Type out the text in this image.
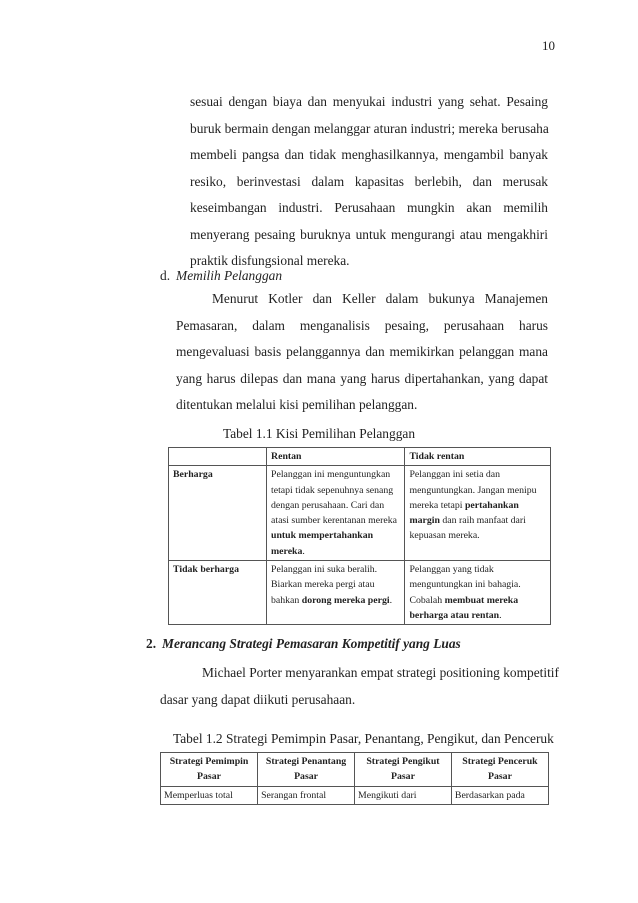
10
sesuai dengan biaya dan menyukai industri yang sehat. Pesaing
buruk bermain dengan melanggar aturan industri; mereka berusaha
membeli pangsa dan tidak menghasilkannya, mengambil banyak
resiko, berinvestasi dalam kapasitas berlebih, dan merusak
keseimbangan industri. Perusahaan mungkin akan memilih
menyerang pesaing buruknya untuk mengurangi atau mengakhiri
praktik disfungsional mereka.
d. Memilih Pelanggan
Menurut Kotler dan Keller dalam bukunya Manajemen
Pemasaran, dalam menganalisis pesaing, perusahaan harus
mengevaluasi basis pelanggannya dan memikirkan pelanggan mana
yang harus dilepas dan mana yang harus dipertahankan, yang dapat
ditentukan melalui kisi pemilihan pelanggan.
Tabel 1.1 Kisi Pemilihan Pelanggan
	Rentan	Tidak rentan
Berharga	Pelanggan ini menguntungkan tetapi tidak sepenuhnya senang dengan perusahaan. Cari dan atasi sumber kerentanan mereka untuk mempertahankan mereka.	Pelanggan ini setia dan menguntungkan. Jangan menipu mereka tetapi pertahankan margin dan raih manfaat dari kepuasan mereka.
Tidak berharga	Pelanggan ini suka beralih. Biarkan mereka pergi atau bahkan dorong mereka pergi.	Pelanggan yang tidak menguntungkan ini bahagia. Cobalah membuat mereka berharga atau rentan.
2. Merancang Strategi Pemasaran Kompetitif yang Luas
Michael Porter menyarankan empat strategi positioning kompetitif
dasar yang dapat diikuti perusahaan.
Tabel 1.2 Strategi Pemimpin Pasar, Penantang, Pengikut, dan Penceruk
Strategi Pemimpin Pasar	Strategi Penantang Pasar	Strategi Pengikut Pasar	Strategi Penceruk Pasar
Memperluas total	Serangan frontal	Mengikuti dari	Berdasarkan pada
